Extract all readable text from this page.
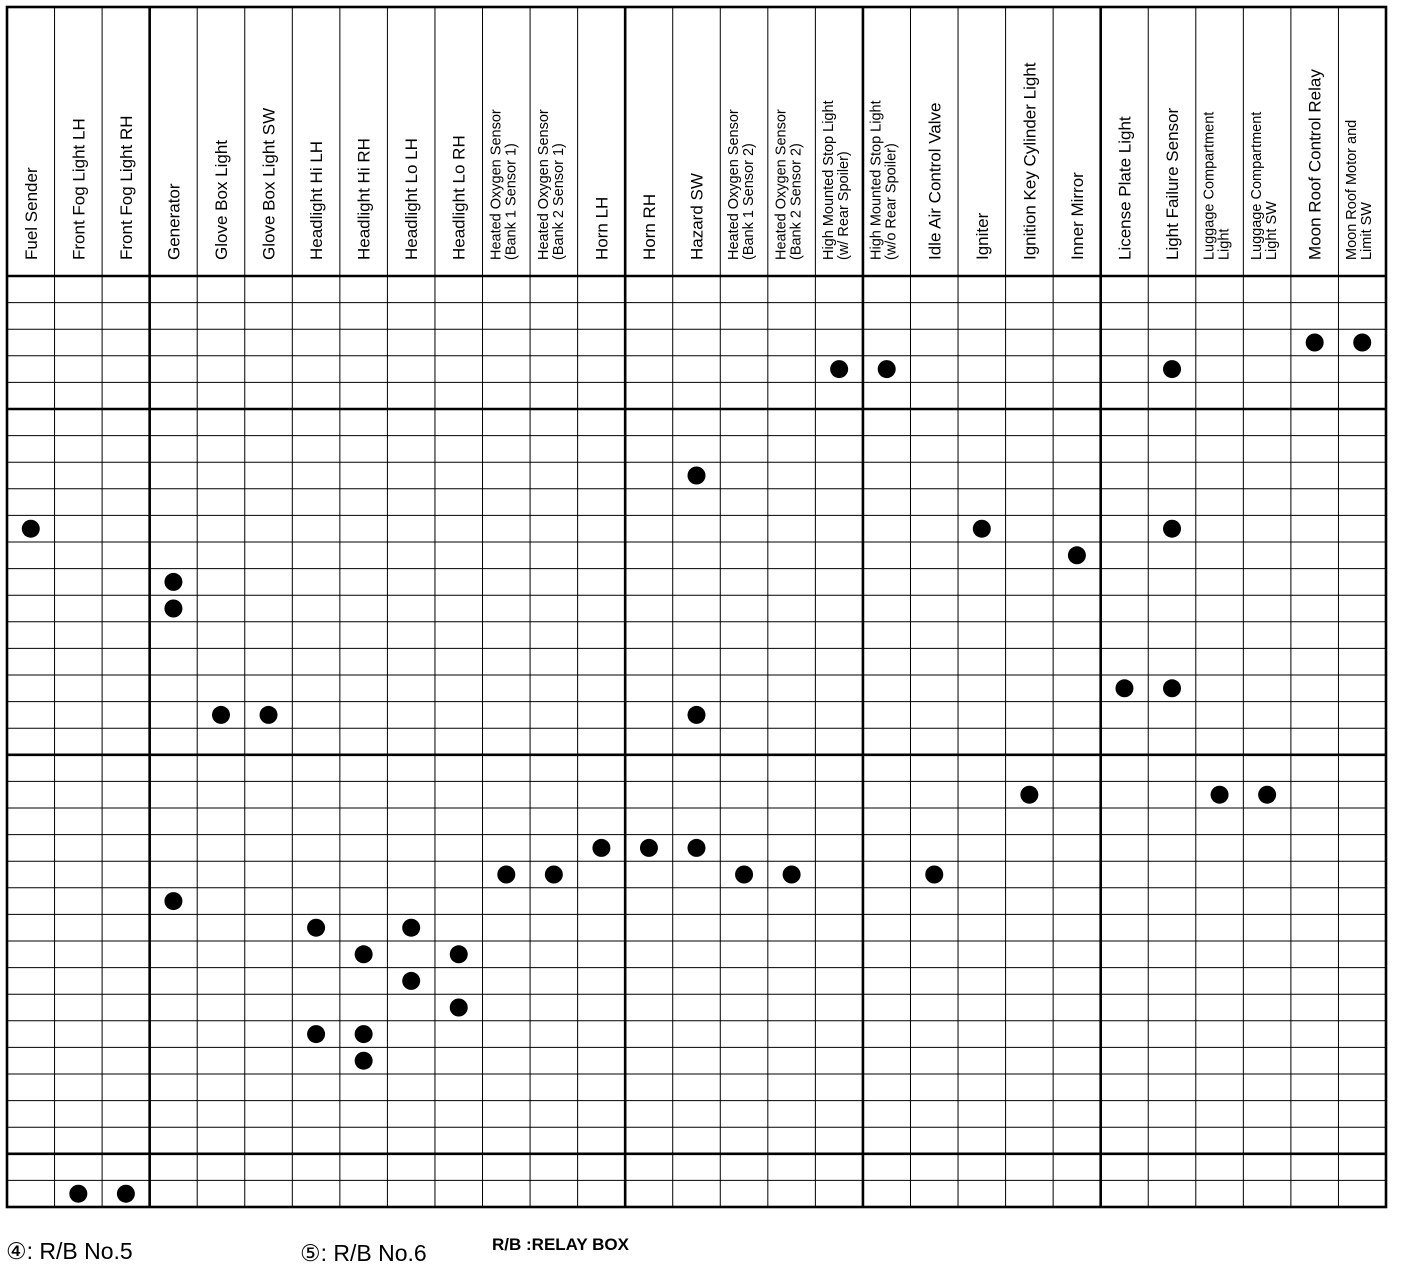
Fuel Sender Front Fog Light LH Front Fog Light RH Generator Glove Box Light Glove Box Light SW Headlight Hi LH Headlight Hi RH Headlight Lo LH Headlight Lo RH Heated Oxygen Sensor (Bank 1 Sensor 1) Heated Oxygen Sensor (Bank 2 Sensor 1) Horn LH Horn RH Hazard SW Heated Oxygen Sensor (Bank 1 Sensor 2) Heated Oxygen Sensor (Bank 2 Sensor 2) High Mounted Stop Light (w/ Rear Spoiler) High Mounted Stop Light (w/o Rear Spoiler) Idle Air Control Valve Igniter Ignition Key Cylinder Light Inner Mirror License Plate Light Light Failure Sensor Luggage Compartment Light Luggage Compartment Light SW Moon Roof Control Relay Moon Roof Motor and Limit SW
④: R/B No.5	⑤: R/B No.6	R/B :RELAY BOX
